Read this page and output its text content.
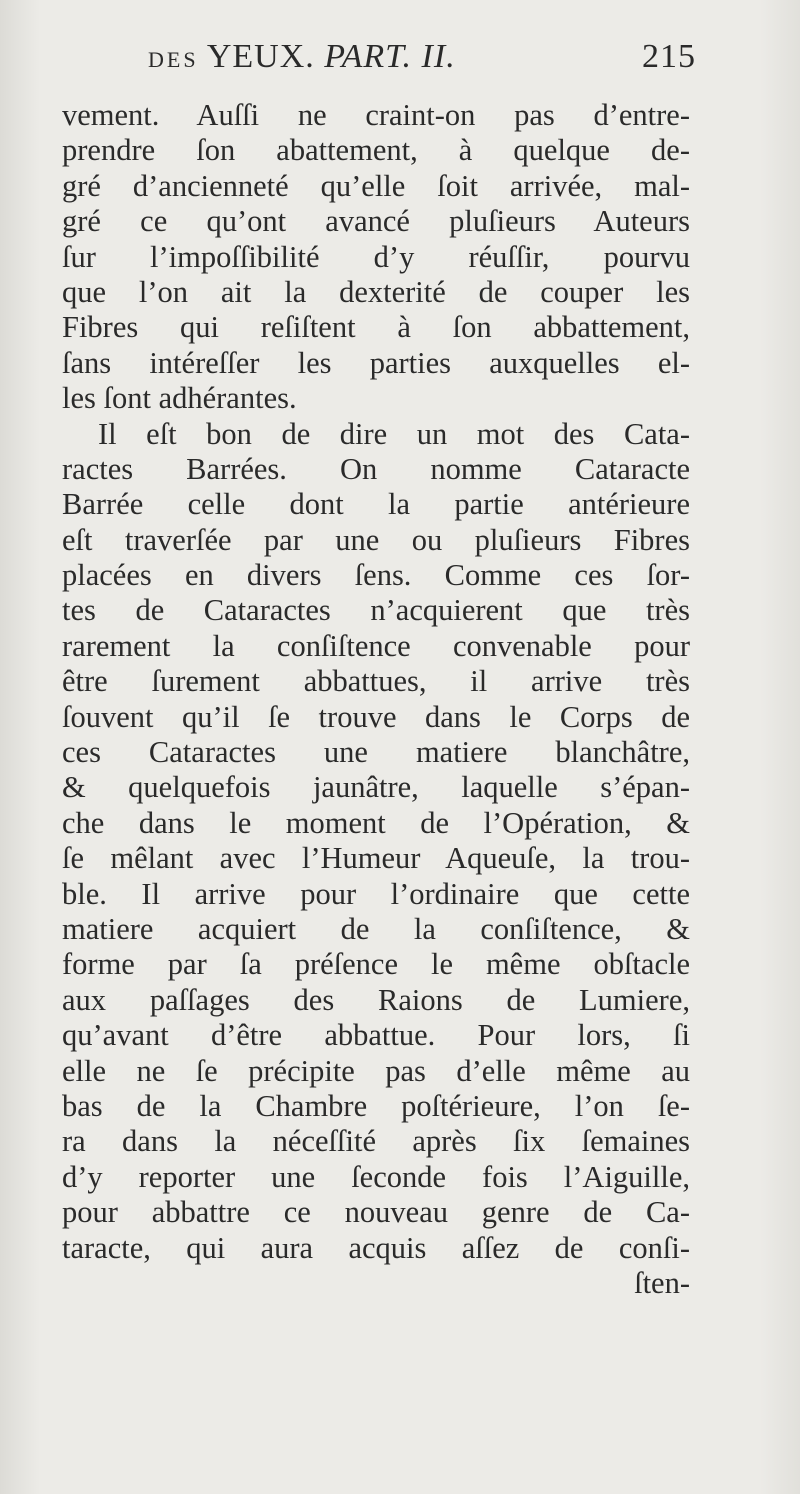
DES YEUX. PART. II.	215
vement. Auſſi ne craint-on pas d’entre-
prendre ſon abattement, à quelque de-
gré d’ancienneté qu’elle ſoit arrivée, mal-
gré ce qu’ont avancé pluſieurs Auteurs
ſur l’impoſſibilité d’y réuſſir, pourvu
que l’on ait la dexterité de couper les
Fibres qui reſiſtent à ſon abbattement,
ſans intéreſſer les parties auxquelles el-
les ſont adhérantes.
Il eſt bon de dire un mot des Cata-
ractes Barrées. On nomme Cataracte
Barrée celle dont la partie antérieure
eſt traverſée par une ou pluſieurs Fibres
placées en divers ſens. Comme ces ſor-
tes de Cataractes n’acquierent que très
rarement la conſiſtence convenable pour
être ſurement abbattues, il arrive très
ſouvent qu’il ſe trouve dans le Corps de
ces Cataractes une matiere blanchâtre,
& quelquefois jaunâtre, laquelle s’épan-
che dans le moment de l’Opération, &
ſe mêlant avec l’Humeur Aqueuſe, la trou-
ble. Il arrive pour l’ordinaire que cette
matiere acquiert de la conſiſtence, &
forme par ſa préſence le même obſtacle
aux paſſages des Raions de Lumiere,
qu’avant d’être abbattue. Pour lors, ſi
elle ne ſe précipite pas d’elle même au
bas de la Chambre poſtérieure, l’on ſe-
ra dans la néceſſité après ſix ſemaines
d’y reporter une ſeconde fois l’Aiguille,
pour abbattre ce nouveau genre de Ca-
taracte, qui aura acquis aſſez de conſi-
ſten-
